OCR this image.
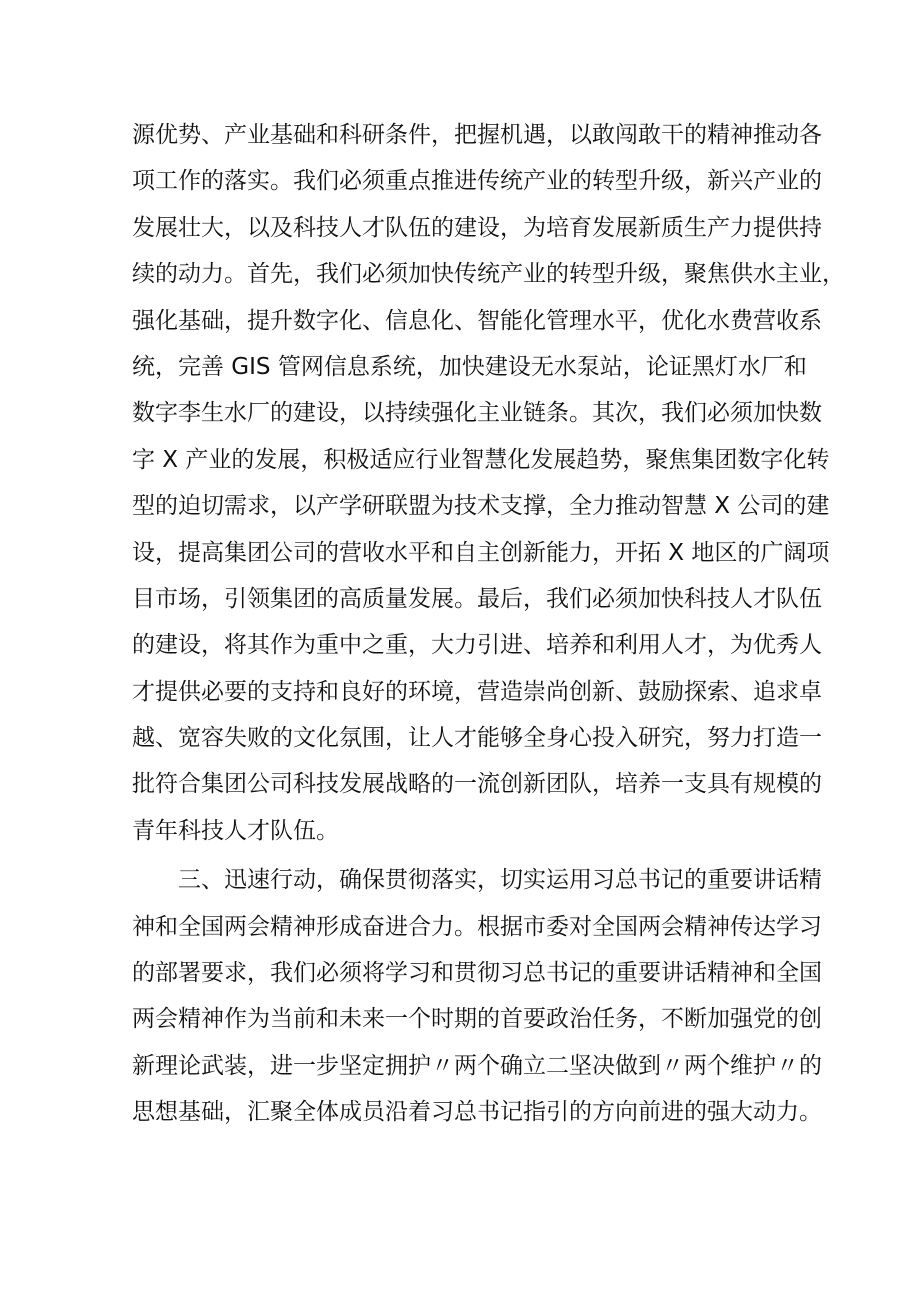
源优势、产业基础和科研条件，把握机遇，以敢闯敢干的精神推动各
项工作的落实。我们必须重点推进传统产业的转型升级，新兴产业的
发展壮大，以及科技人才队伍的建设，为培育发展新质生产力提供持
续的动力。首先，我们必须加快传统产业的转型升级，聚焦供水主业，
强化基础，提升数字化、信息化、智能化管理水平，优化水费营收系
统，完善 GIS 管网信息系统，加快建设无水泵站，论证黑灯水厂和
数字李生水厂的建设，以持续强化主业链条。其次，我们必须加快数
字 X 产业的发展，积极适应行业智慧化发展趋势，聚焦集团数字化转
型的迫切需求，以产学研联盟为技术支撑，全力推动智慧 X 公司的建
设，提高集团公司的营收水平和自主创新能力，开拓 X 地区的广阔项
目市场，引领集团的高质量发展。最后，我们必须加快科技人才队伍
的建设，将其作为重中之重，大力引进、培养和利用人才，为优秀人
才提供必要的支持和良好的环境，营造崇尚创新、鼓励探索、追求卓
越、宽容失败的文化氛围，让人才能够全身心投入研究，努力打造一
批符合集团公司科技发展战略的一流创新团队，培养一支具有规模的
青年科技人才队伍。
三、迅速行动，确保贯彻落实，切实运用习总书记的重要讲话精
神和全国两会精神形成奋进合力。根据市委对全国两会精神传达学习
的部署要求，我们必须将学习和贯彻习总书记的重要讲话精神和全国
两会精神作为当前和未来一个时期的首要政治任务，不断加强党的创
新理论武装，进一步坚定拥护〃两个确立二坚决做到〃两个维护〃的
思想基础，汇聚全体成员沿着习总书记指引的方向前进的强大动力。
